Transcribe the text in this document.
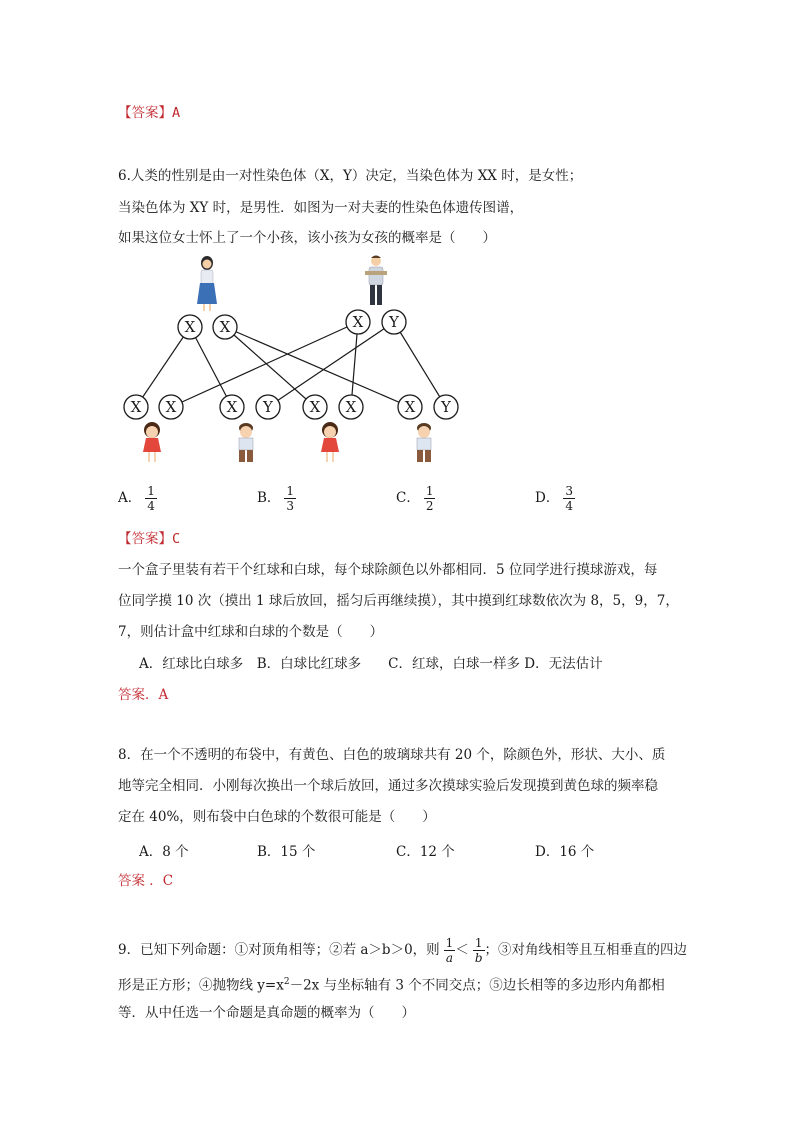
【答案】A
6.人类的性别是由一对性染色体（X，Y）决定，当染色体为 XX 时，是女性；
当染色体为 XY 时，是男性．如图为一对夫妻的性染色体遗传图谱，
如果这位女士怀上了一个小孩，该小孩为女孩的概率是（　　）
X X	X Y
X X	X Y X X	X Y
A． $\frac{1}{4}$	B． $\frac{1}{3}$	C． $\frac{1}{2}$	D． $\frac{3}{4}$
【答案】C
一个盒子里装有若干个红球和白球，每个球除颜色以外都相同．5 位同学进行摸球游戏，每
位同学摸 10 次（摸出 1 球后放回，摇匀后再继续摸），其中摸到红球数依次为 8，5，9，7，
7，则估计盒中红球和白球的个数是（　　）
A．红球比白球多　B．白球比红球多　　C．红球，白球一样多 D．无法估计
答案．A
8．在一个不透明的布袋中，有黄色、白色的玻璃球共有 20 个，除颜色外，形状、大小、质
地等完全相同．小刚每次换出一个球后放回，通过多次摸球实验后发现摸到黄色球的频率稳
定在 40%，则布袋中白色球的个数很可能是（　　）
A．8 个	B．15 个	C．12 个	D．16 个
答案 ．C
9．已知下列命题：①对顶角相等；②若 a＞b＞0，则 $\frac{1}{a} < \frac{1}{b}$ ；③对角线相等且互相垂直的四边
形是正方形；④抛物线 $y=x^2-2x$ 与坐标轴有 3 个不同交点；⑤边长相等的多边形内角都相
等．从中任选一个命题是真命题的概率为（　　）
